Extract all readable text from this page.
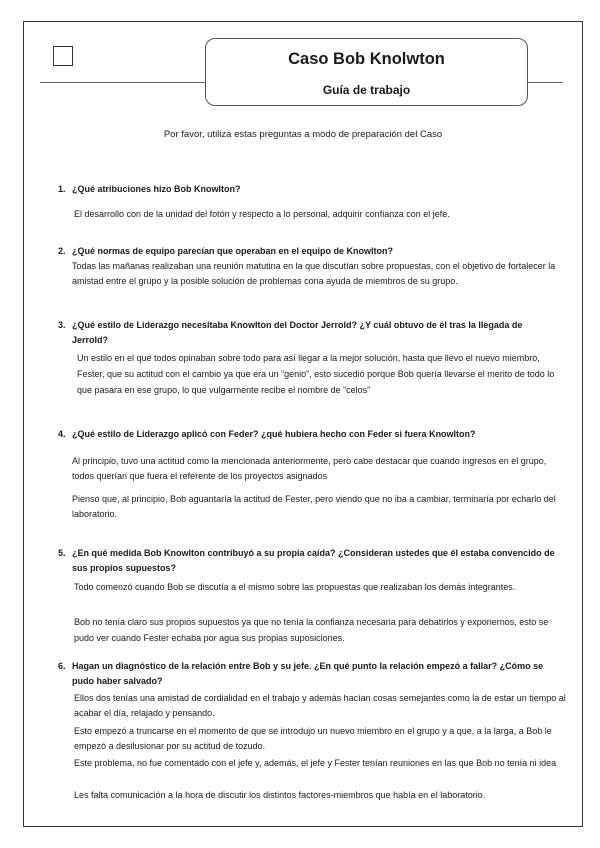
Caso Bob Knolwton
Guía de trabajo
Por favor, utiliza estas preguntas a modo de preparación del Caso
1. ¿Qué atribuciones hizo Bob Knowlton?
El desarrollo con de la unidad del fotón y respecto a lo personal, adquirir confianza con el jefe.
2. ¿Qué normas de equipo parecían que operaban en el equipo de Knowlton?
Todas las mañanas realizaban una reunión matutina en la que discutían sobre propuestas, con el objetivo de fortalecer la amistad entre el grupo y la posible solución de problemas cona ayuda de miembros de su grupo.
3. ¿Qué estilo de Liderazgo necesitaba Knowlton del Doctor Jerrold? ¿Y cuál obtuvo de él tras la llegada de Jerrold?
Un estilo en el que todos opinaban sobre todo para así llegar a la mejor solución, hasta que llevo el nuevo miembro, Fester, que su actitud con el cambio ya que era un “genio”, esto sucedió porque Bob quería llevarse el merito de todo lo que pasara en ese grupo, lo que vulgarmente recibe el nombre de “celos”
4. ¿Qué estilo de Liderazgo aplicó con Feder? ¿qué hubiera hecho con Feder si fuera Knowlton?
Al principio, tuvo una actitud como la mencionada anteriormente, pero cabe destacar que cuando ingresos en el grupo, todos querían que fuera el referente de los proyectos asignados
Pienso que, al principio, Bob aguantaría la actitud de Fester, pero viendo que no iba a cambiar, terminaría por echarlo del laboratorio.
5. ¿En qué medida Bob Knowlton contribuyó a su propia caída? ¿Consideran ustedes que él estaba convencido de sus propios supuestos?
Todo comenzó cuando Bob se discutía a el mismo sobre las propuestas que realizaban los demás integrantes.
Bob no tenía claro sus propios supuestos ya que no tenía la confianza necesaria para debatirlos y exponernos, esto se pudo ver cuando Fester echaba por agua sus propias suposiciones.
6. Hagan un diagnóstico de la relación entre Bob y su jefe. ¿En qué punto la relación empezó a fallar? ¿Cómo se pudo haber salvado?
Ellos dos tenías una amistad de cordialidad en el trabajo y además hacían cosas semejantes como la de estar un tiempo al acabar el día, relajado y pensando.
Esto empezó a truncarse en el momento de que se introdujo un nuevo miembro en el grupo y a que, a la larga, a Bob le empezó a desilusionar por su actitud de tozudo.
Este problema, no fue comentado con el jefe y, además, el jefe y Fester tenían reuniones en las que Bob no tenía ni idea
Les falta comunicación a la hora de discutir los distintos factores-miembros que había en el laboratorio.
